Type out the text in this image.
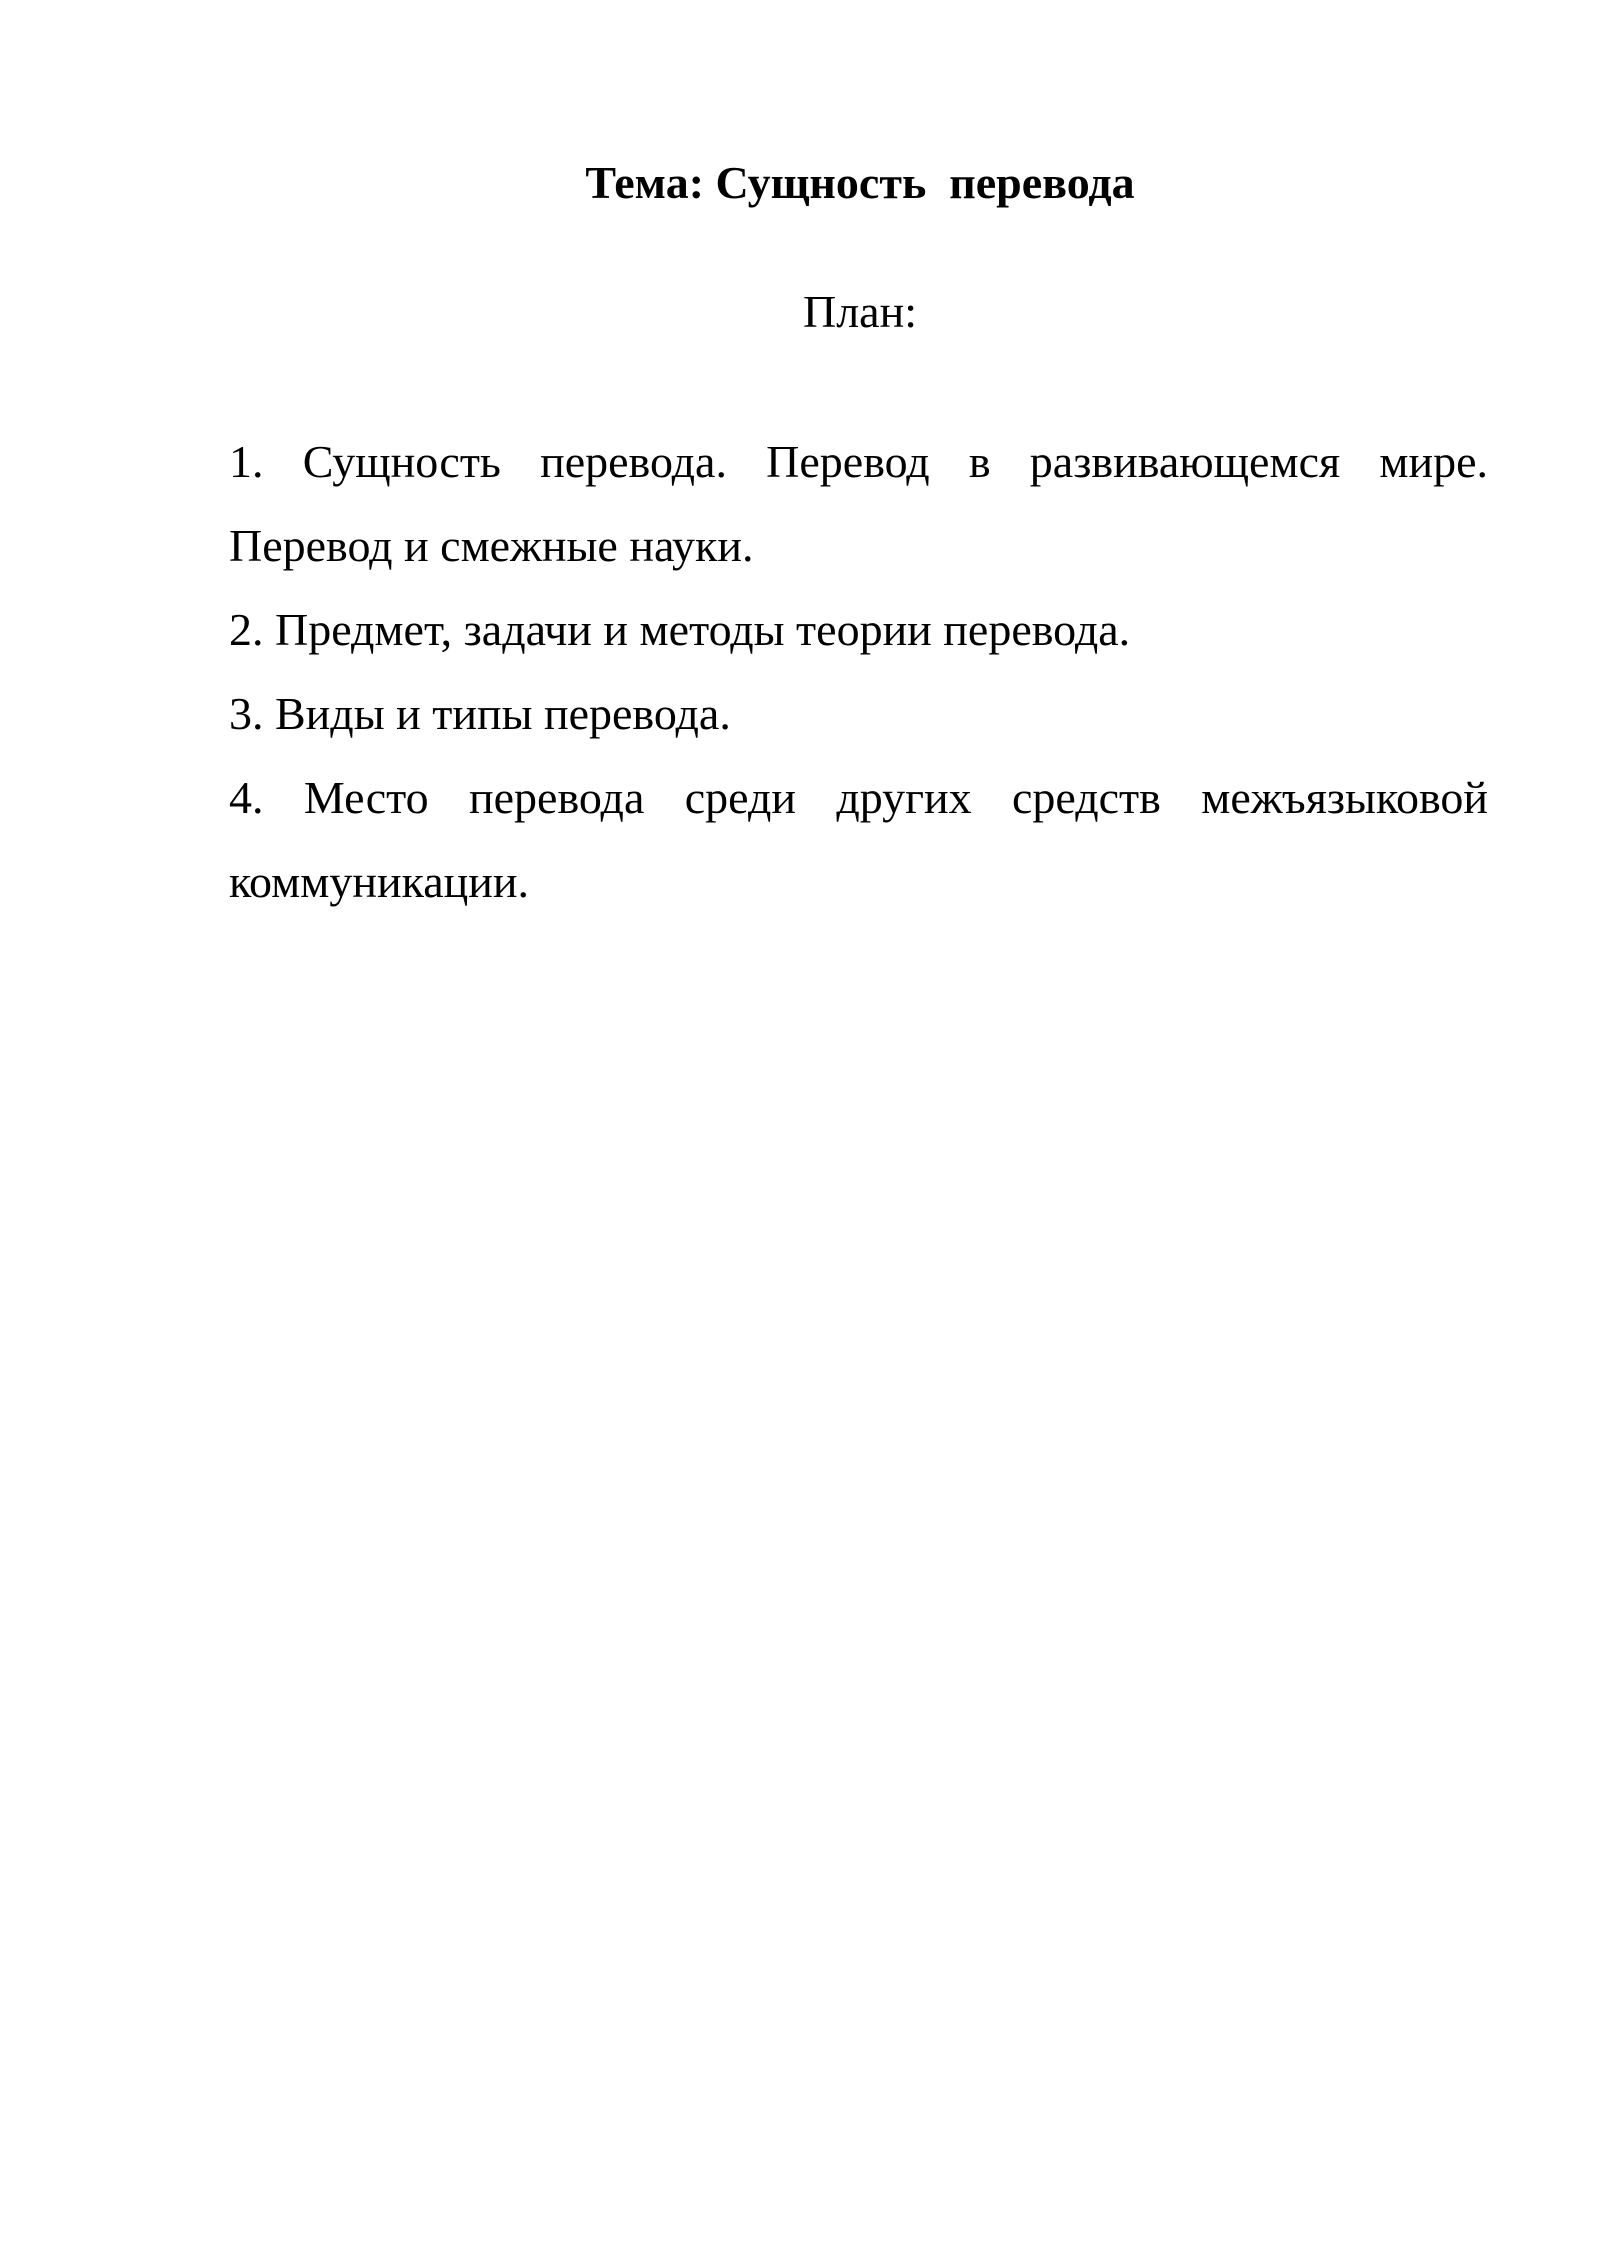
Тема: Сущность  перевода

План:

1. Сущность перевода. Перевод в развивающемся мире. Перевод и смежные науки.
2. Предмет, задачи и методы теории перевода.
3. Виды и типы перевода.
4. Место перевода среди других средств межъязыковой коммуникации.
